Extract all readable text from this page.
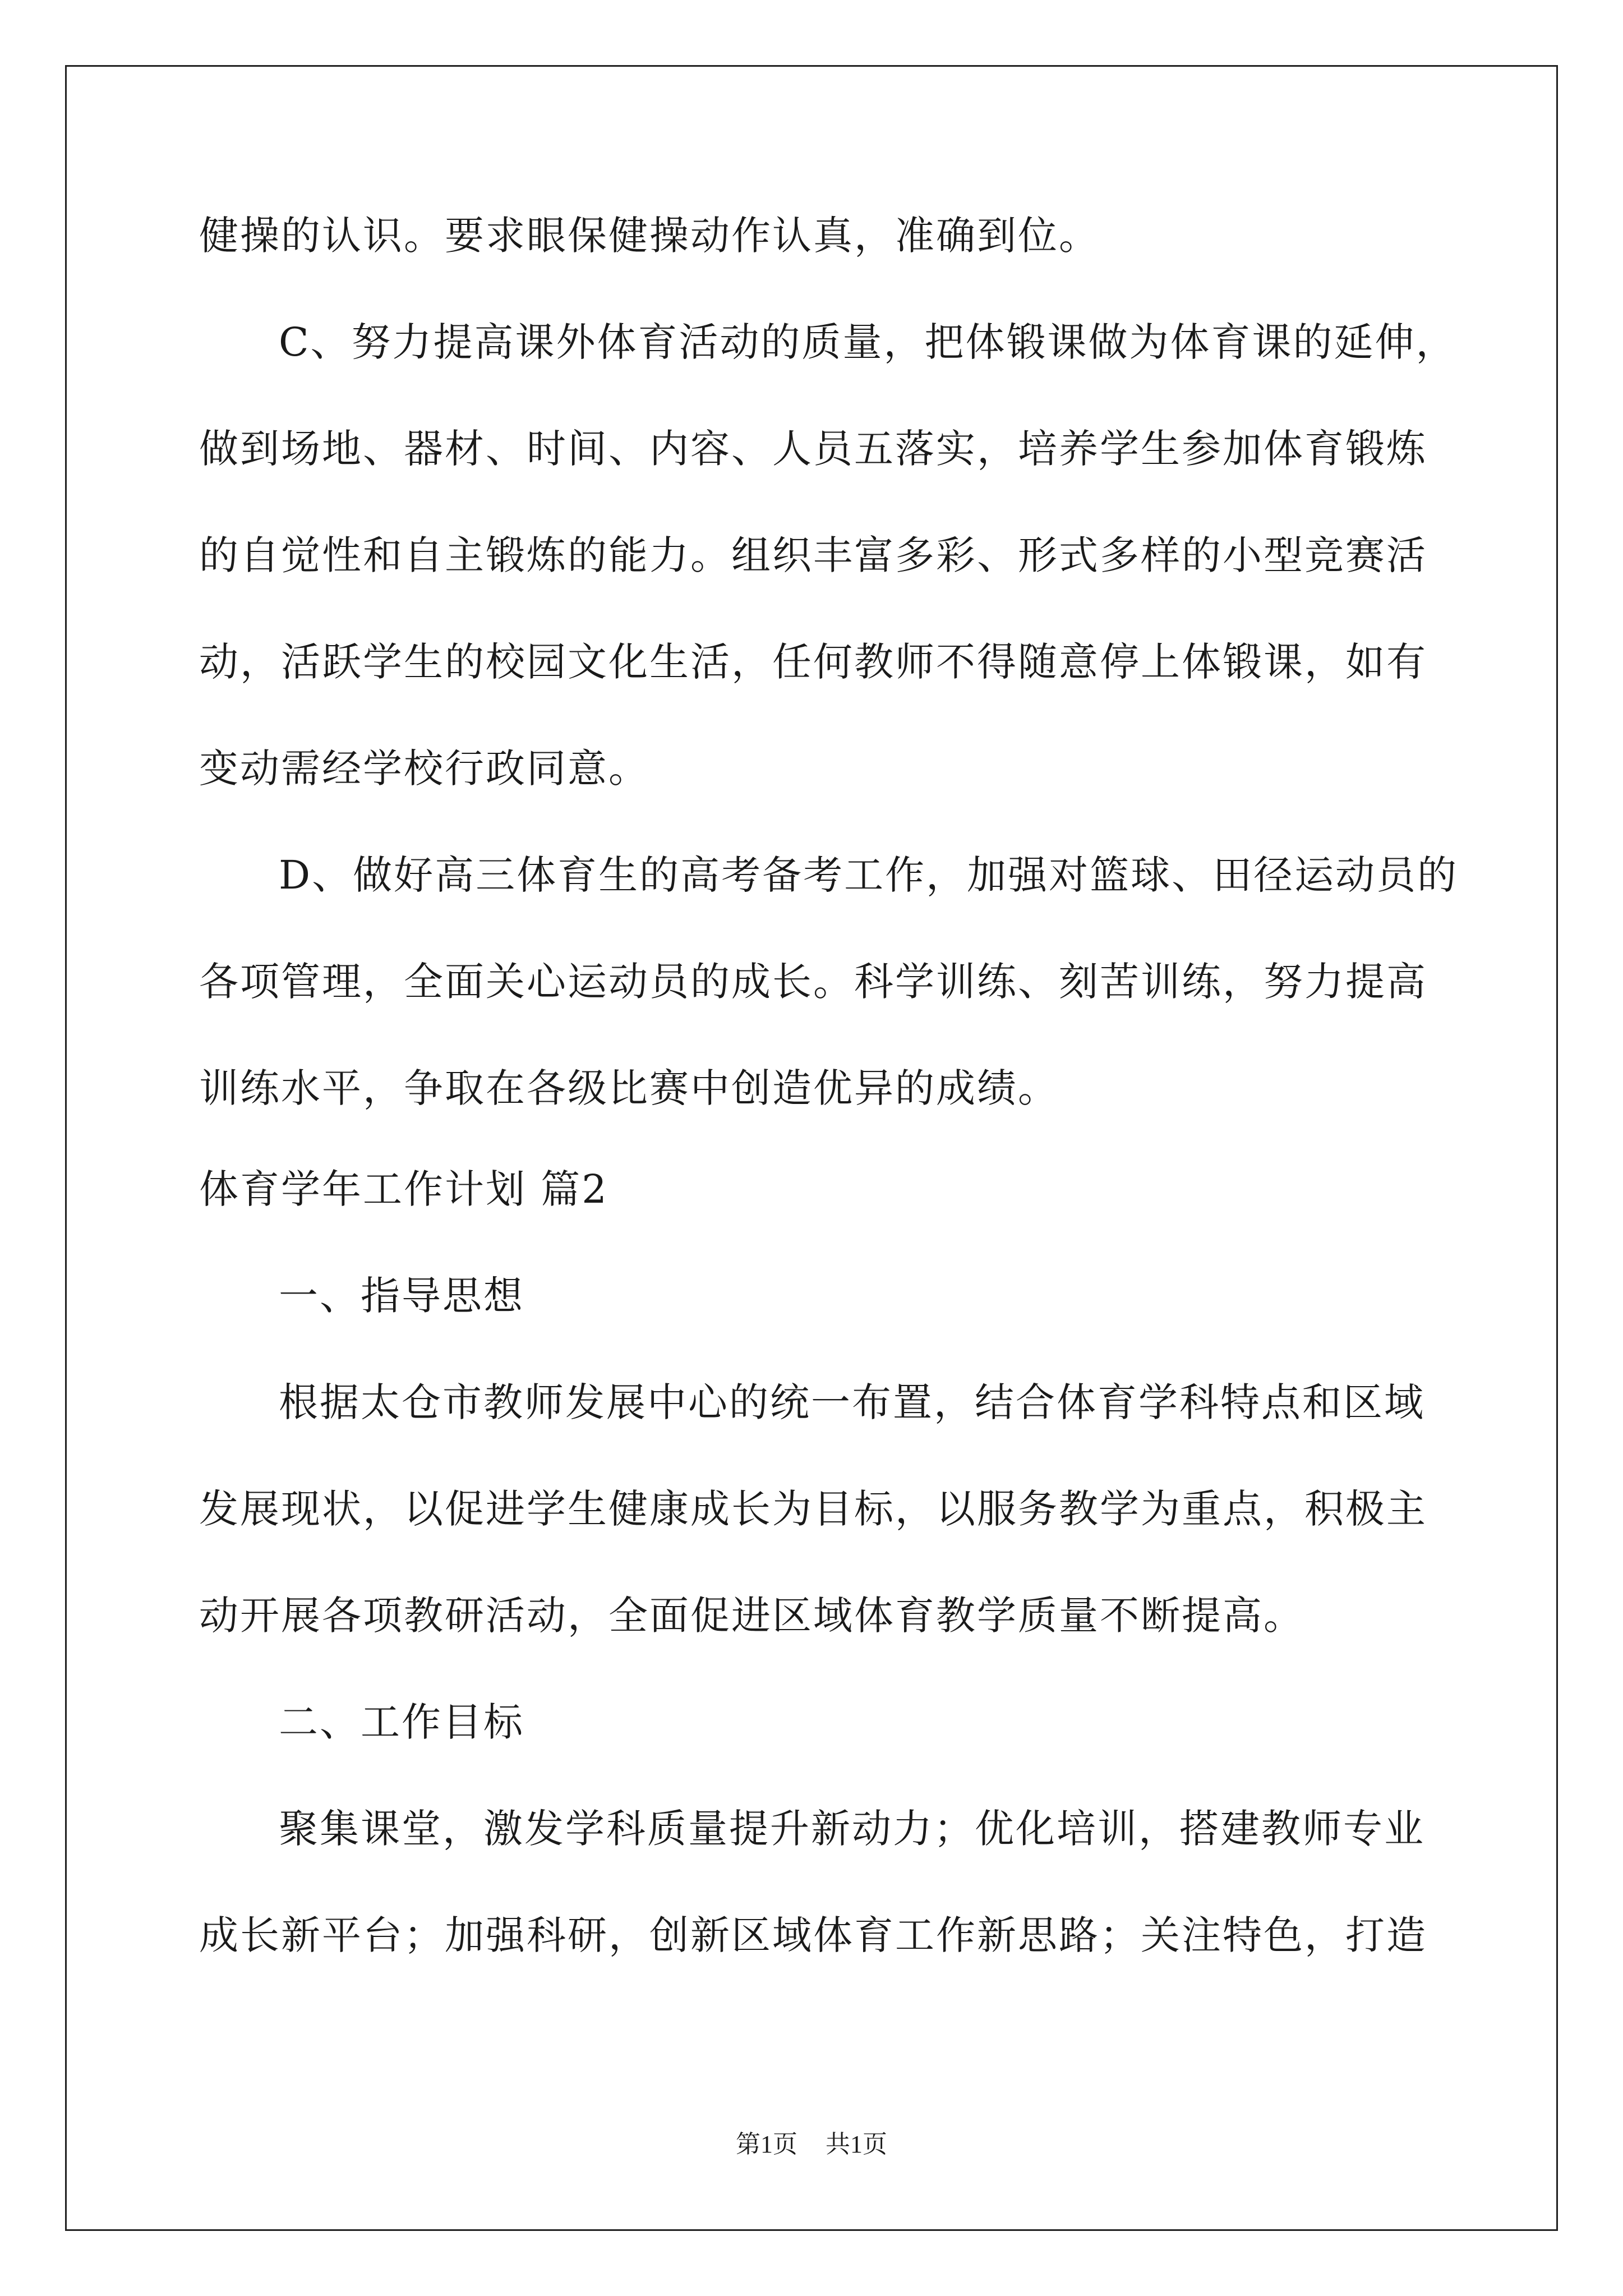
健操的认识。要求眼保健操动作认真，准确到位。
C、努力提高课外体育活动的质量，把体锻课做为体育课的延伸，
做到场地、器材、时间、内容、人员五落实，培养学生参加体育锻炼
的自觉性和自主锻炼的能力。组织丰富多彩、形式多样的小型竞赛活
动，活跃学生的校园文化生活，任何教师不得随意停上体锻课，如有
变动需经学校行政同意。
D、做好高三体育生的高考备考工作，加强对篮球、田径运动员的
各项管理，全面关心运动员的成长。科学训练、刻苦训练，努力提高
训练水平，争取在各级比赛中创造优异的成绩。
体育学年工作计划 篇2
一、指导思想
根据太仓市教师发展中心的统一布置，结合体育学科特点和区域
发展现状，以促进学生健康成长为目标，以服务教学为重点，积极主
动开展各项教研活动，全面促进区域体育教学质量不断提高。
二、工作目标
聚集课堂，激发学科质量提升新动力；优化培训，搭建教师专业
成长新平台；加强科研，创新区域体育工作新思路；关注特色，打造
第1页 共1页
